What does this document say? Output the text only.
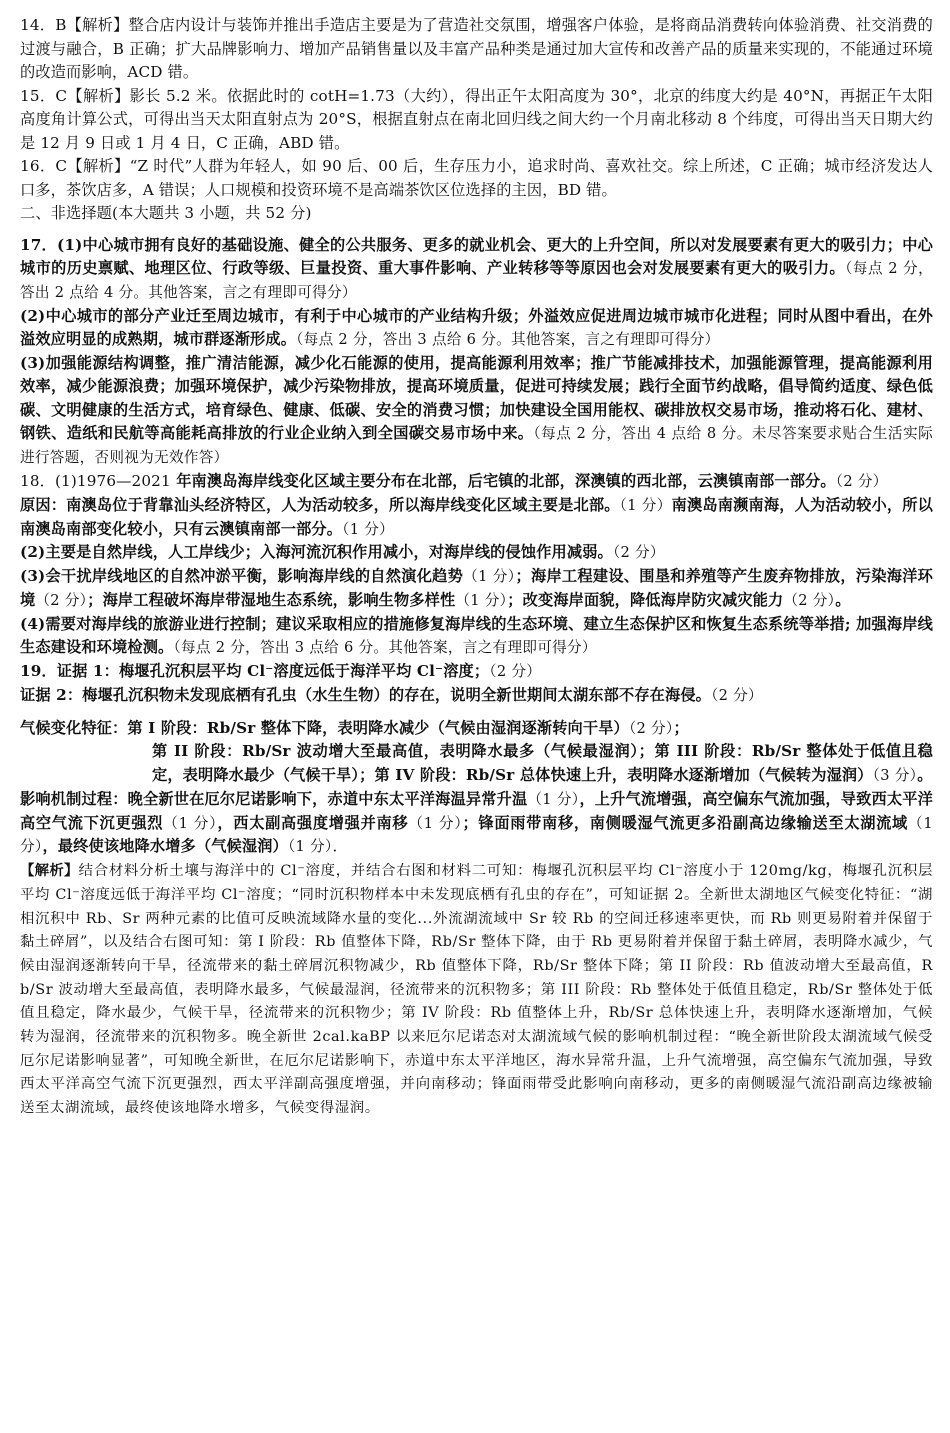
14．B【解析】整合店内设计与装饰并推出手造店主要是为了营造社交氛围，增强客户体验，是将商品消费转向体验消费、社交消费的过渡与融合，B 正确；扩大品牌影响力、增加产品销售量以及丰富产品种类是通过加大宣传和改善产品的质量来实现的，不能通过环境的改造而影响，ACD 错。

15．C【解析】影长 5.2 米。依据此时的 cotH=1.73（大约），得出正午太阳高度为 30°，北京的纬度大约是 40°N，再据正午太阳高度角计算公式，可得出当天太阳直射点为 20°S，根据直射点在南北回归线之间大约一个月南北移动 8 个纬度，可得出当天日期大约是 12 月 9 日或 1 月 4 日，C 正确，ABD 错。

16．C【解析】“Z 时代”人群为年轻人，如 90 后、00 后，生存压力小，追求时尚、喜欢社交。综上所述，C 正确；城市经济发达人口多，茶饮店多，A 错误；人口规模和投资环境不是高端茶饮区位选择的主因，BD 错。

二、非选择题(本大题共 3 小题，共 52 分)

17．(1)中心城市拥有良好的基础设施、健全的公共服务、更多的就业机会、更大的上升空间，所以对发展要素有更大的吸引力；中心城市的历史禀赋、地理区位、行政等级、巨量投资、重大事件影响、产业转移等等原因也会对发展要素有更大的吸引力。（每点 2 分，答出 2 点给 4 分。其他答案，言之有理即可得分）

(2)中心城市的部分产业迁至周边城市，有利于中心城市的产业结构升级；外溢效应促进周边城市城市化进程；同时从图中看出，在外溢效应明显的成熟期，城市群逐渐形成。（每点 2 分，答出 3 点给 6 分。其他答案，言之有理即可得分）

(3)加强能源结构调整，推广清洁能源，减少化石能源的使用，提高能源利用效率；推广节能减排技术，加强能源管理，提高能源利用效率，减少能源浪费；加强环境保护，减少污染物排放，提高环境质量，促进可持续发展；践行全面节约战略，倡导简约适度、绿色低碳、文明健康的生活方式，培育绿色、健康、低碳、安全的消费习惯；加快建设全国用能权、碳排放权交易市场，推动将石化、建材、钢铁、造纸和民航等高能耗高排放的行业企业纳入到全国碳交易市场中来。（每点 2 分，答出 4 点给 8 分。未尽答案要求贴合生活实际进行答题，否则视为无效作答）

18．(1)1976—2021 年南澳岛海岸线变化区域主要分布在北部，后宅镇的北部，深澳镇的西北部，云澳镇南部一部分。（2 分）

原因：南澳岛位于背靠汕头经济特区，人为活动较多，所以海岸线变化区域主要是北部。（1 分）南澳岛南濒南海，人为活动较小，所以南澳岛南部变化较小，只有云澳镇南部一部分。（1 分）

(2)主要是自然岸线，人工岸线少；入海河流沉积作用减小，对海岸线的侵蚀作用减弱。（2 分）

(3)会干扰岸线地区的自然冲淤平衡，影响海岸线的自然演化趋势（1 分）；海岸工程建设、围垦和养殖等产生废弃物排放，污染海洋环境（2 分）；海岸工程破坏海岸带湿地生态系统，影响生物多样性（1 分）；改变海岸面貌，降低海岸防灾减灾能力（2 分）。

(4)需要对海岸线的旅游业进行控制；建议采取相应的措施修复海岸线的生态环境、建立生态保护区和恢复生态系统等举措; 加强海岸线生态建设和环境检测。（每点 2 分，答出 3 点给 6 分。其他答案，言之有理即可得分）

19．证据 1：梅堰孔沉积层平均 Cl⁻溶度远低于海洋平均 Cl⁻溶度；（2 分）

证据 2：梅堰孔沉积物未发现底栖有孔虫（水生生物）的存在，说明全新世期间太湖东部不存在海侵。（2 分）

气候变化特征：第 I 阶段：Rb/Sr 整体下降，表明降水减少（气候由湿润逐渐转向干旱）（2 分）；

第 II 阶段：Rb/Sr 波动增大至最高值，表明降水最多（气候最湿润）；第 III 阶段：Rb/Sr 整体处于低值且稳定，表明降水最少（气候干旱）；第 IV 阶段：Rb/Sr 总体快速上升，表明降水逐渐增加（气候转为湿润）（3 分）。

影响机制过程：晚全新世在厄尔尼诺影响下，赤道中东太平洋海温异常升温（1 分），上升气流增强，高空偏东气流加强，导致西太平洋高空气流下沉更强烈（1 分），西太副高强度增强并南移（1 分）；锋面雨带南移，南侧暖湿气流更多沿副高边缘输送至太湖流域（1 分），最终使该地降水增多（气候湿润）（1 分）．

【解析】结合材料分析土壤与海洋中的 Cl⁻溶度，并结合右图和材料二可知：梅堰孔沉积层平均 Cl⁻溶度小于 120mg/kg，梅堰孔沉积层平均 Cl⁻溶度远低于海洋平均 Cl⁻溶度；“同时沉积物样本中未发现底栖有孔虫的存在”，可知证据 2。全新世太湖地区气候变化特征：“湖相沉积中 Rb、Sr 两种元素的比值可反映流域降水量的变化...外流湖流域中 Sr 较 Rb 的空间迁移速率更快，而 Rb 则更易附着并保留于黏土碎屑”，以及结合右图可知：第 I 阶段：Rb 值整体下降，Rb/Sr 整体下降，由于 Rb 更易附着并保留于黏土碎屑，表明降水减少，气候由湿润逐渐转向干旱，径流带来的黏土碎屑沉积物减少，Rb 值整体下降，Rb/Sr 整体下降；第 II 阶段：Rb 值波动增大至最高值，Rb/Sr 波动增大至最高值，表明降水最多，气候最湿润，径流带来的沉积物多；第 III 阶段：Rb 整体处于低值且稳定，Rb/Sr 整体处于低值且稳定，降水最少，气候干旱，径流带来的沉积物少；第 IV 阶段：Rb 值整体上升，Rb/Sr 总体快速上升，表明降水逐渐增加，气候转为湿润，径流带来的沉积物多。晚全新世 2cal.kaBP 以来厄尔尼诺态对太湖流域气候的影响机制过程：“晚全新世阶段太湖流域气候受厄尔尼诺影响显著”，可知晚全新世，在厄尔尼诺影响下，赤道中东太平洋地区，海水异常升温，上升气流增强，高空偏东气流加强，导致西太平洋高空气流下沉更强烈，西太平洋副高强度增强，并向南移动；锋面雨带受此影响向南移动，更多的南侧暖湿气流沿副高边缘被输送至太湖流域，最终使该地降水增多，气候变得湿润。
